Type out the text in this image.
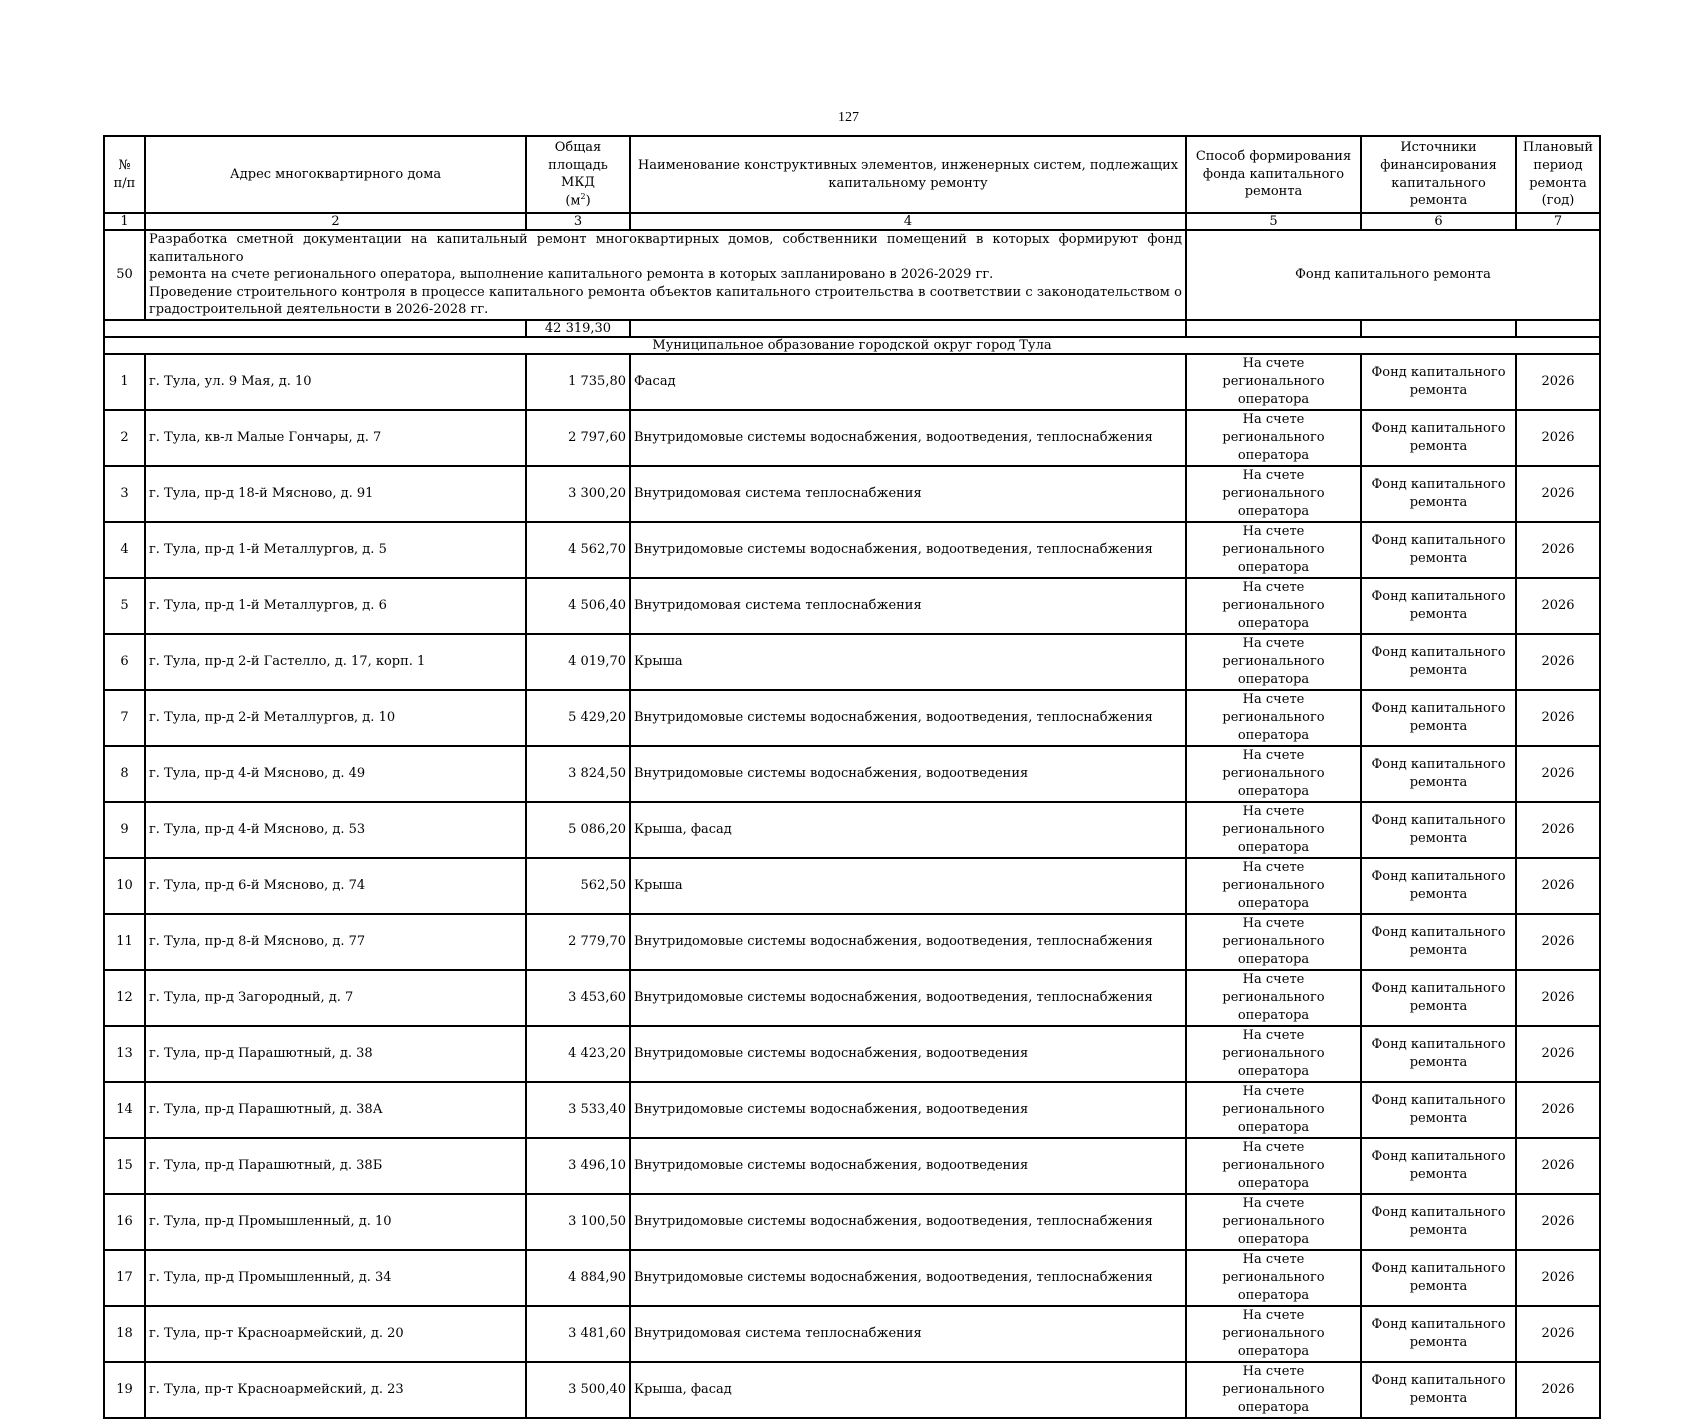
127
№
п/п	Адрес многоквартирного дома	Общая
площадь МКД
$(м^2)$	Наименование конструктивных элементов, инженерных систем, подлежащих капитальному ремонту	Способ формирования фонда капитального ремонта	Источники финансирования капитального ремонта	Плановый период ремонта (год)
1	2	3	4	5	6	7
50	Разработка сметной документации на капитальный ремонт многоквартирных домов, собственники помещений в которых формируют фонд капитального
ремонта на счете регионального оператора, выполнение капитального ремонта в которых запланировано в 2026-2029 гг.
Проведение строительного контроля в процессе капитального ремонта объектов капитального строительства в соответствии с законодательством о
градостроительной деятельности в 2026-2028 гг.			Фонд капитального ремонта		
		42 319,30				
Муниципальное образование городской округ город Тула						
1	г. Тула, ул. 9 Мая, д. 10	1 735,80	Фасад	На счете регионального
оператора	Фонд капитального
ремонта	2026
2	г. Тула, кв-л Малые Гончары, д. 7	2 797,60	Внутридомовые системы водоснабжения, водоотведения, теплоснабжения	На счете регионального
оператора	Фонд капитального
ремонта	2026
3	г. Тула, пр-д 18-й Мясново, д. 91	3 300,20	Внутридомовая система теплоснабжения	На счете регионального
оператора	Фонд капитального
ремонта	2026
4	г. Тула, пр-д 1-й Металлургов, д. 5	4 562,70	Внутридомовые системы водоснабжения, водоотведения, теплоснабжения	На счете регионального
оператора	Фонд капитального
ремонта	2026
5	г. Тула, пр-д 1-й Металлургов, д. 6	4 506,40	Внутридомовая система теплоснабжения	На счете регионального
оператора	Фонд капитального
ремонта	2026
6	г. Тула, пр-д 2-й Гастелло, д. 17, корп. 1	4 019,70	Крыша	На счете регионального
оператора	Фонд капитального
ремонта	2026
7	г. Тула, пр-д 2-й Металлургов, д. 10	5 429,20	Внутридомовые системы водоснабжения, водоотведения, теплоснабжения	На счете регионального
оператора	Фонд капитального
ремонта	2026
8	г. Тула, пр-д 4-й Мясново, д. 49	3 824,50	Внутридомовые системы водоснабжения, водоотведения	На счете регионального
оператора	Фонд капитального
ремонта	2026
9	г. Тула, пр-д 4-й Мясново, д. 53	5 086,20	Крыша, фасад	На счете регионального
оператора	Фонд капитального
ремонта	2026
10	г. Тула, пр-д 6-й Мясново, д. 74	562,50	Крыша	На счете регионального
оператора	Фонд капитального
ремонта	2026
11	г. Тула, пр-д 8-й Мясново, д. 77	2 779,70	Внутридомовые системы водоснабжения, водоотведения, теплоснабжения	На счете регионального
оператора	Фонд капитального
ремонта	2026
12	г. Тула, пр-д Загородный, д. 7	3 453,60	Внутридомовые системы водоснабжения, водоотведения, теплоснабжения	На счете регионального
оператора	Фонд капитального
ремонта	2026
13	г. Тула, пр-д Парашютный, д. 38	4 423,20	Внутридомовые системы водоснабжения, водоотведения	На счете регионального
оператора	Фонд капитального
ремонта	2026
14	г. Тула, пр-д Парашютный, д. 38А	3 533,40	Внутридомовые системы водоснабжения, водоотведения	На счете регионального
оператора	Фонд капитального
ремонта	2026
15	г. Тула, пр-д Парашютный, д. 38Б	3 496,10	Внутридомовые системы водоснабжения, водоотведения	На счете регионального
оператора	Фонд капитального
ремонта	2026
16	г. Тула, пр-д Промышленный, д. 10	3 100,50	Внутридомовые системы водоснабжения, водоотведения, теплоснабжения	На счете регионального
оператора	Фонд капитального
ремонта	2026
17	г. Тула, пр-д Промышленный, д. 34	4 884,90	Внутридомовые системы водоснабжения, водоотведения, теплоснабжения	На счете регионального
оператора	Фонд капитального
ремонта	2026
18	г. Тула, пр-т Красноармейский, д. 20	3 481,60	Внутридомовая система теплоснабжения	На счете регионального
оператора	Фонд капитального
ремонта	2026
19	г. Тула, пр-т Красноармейский, д. 23	3 500,40	Крыша, фасад	На счете регионального
оператора	Фонд капитального
ремонта	2026
